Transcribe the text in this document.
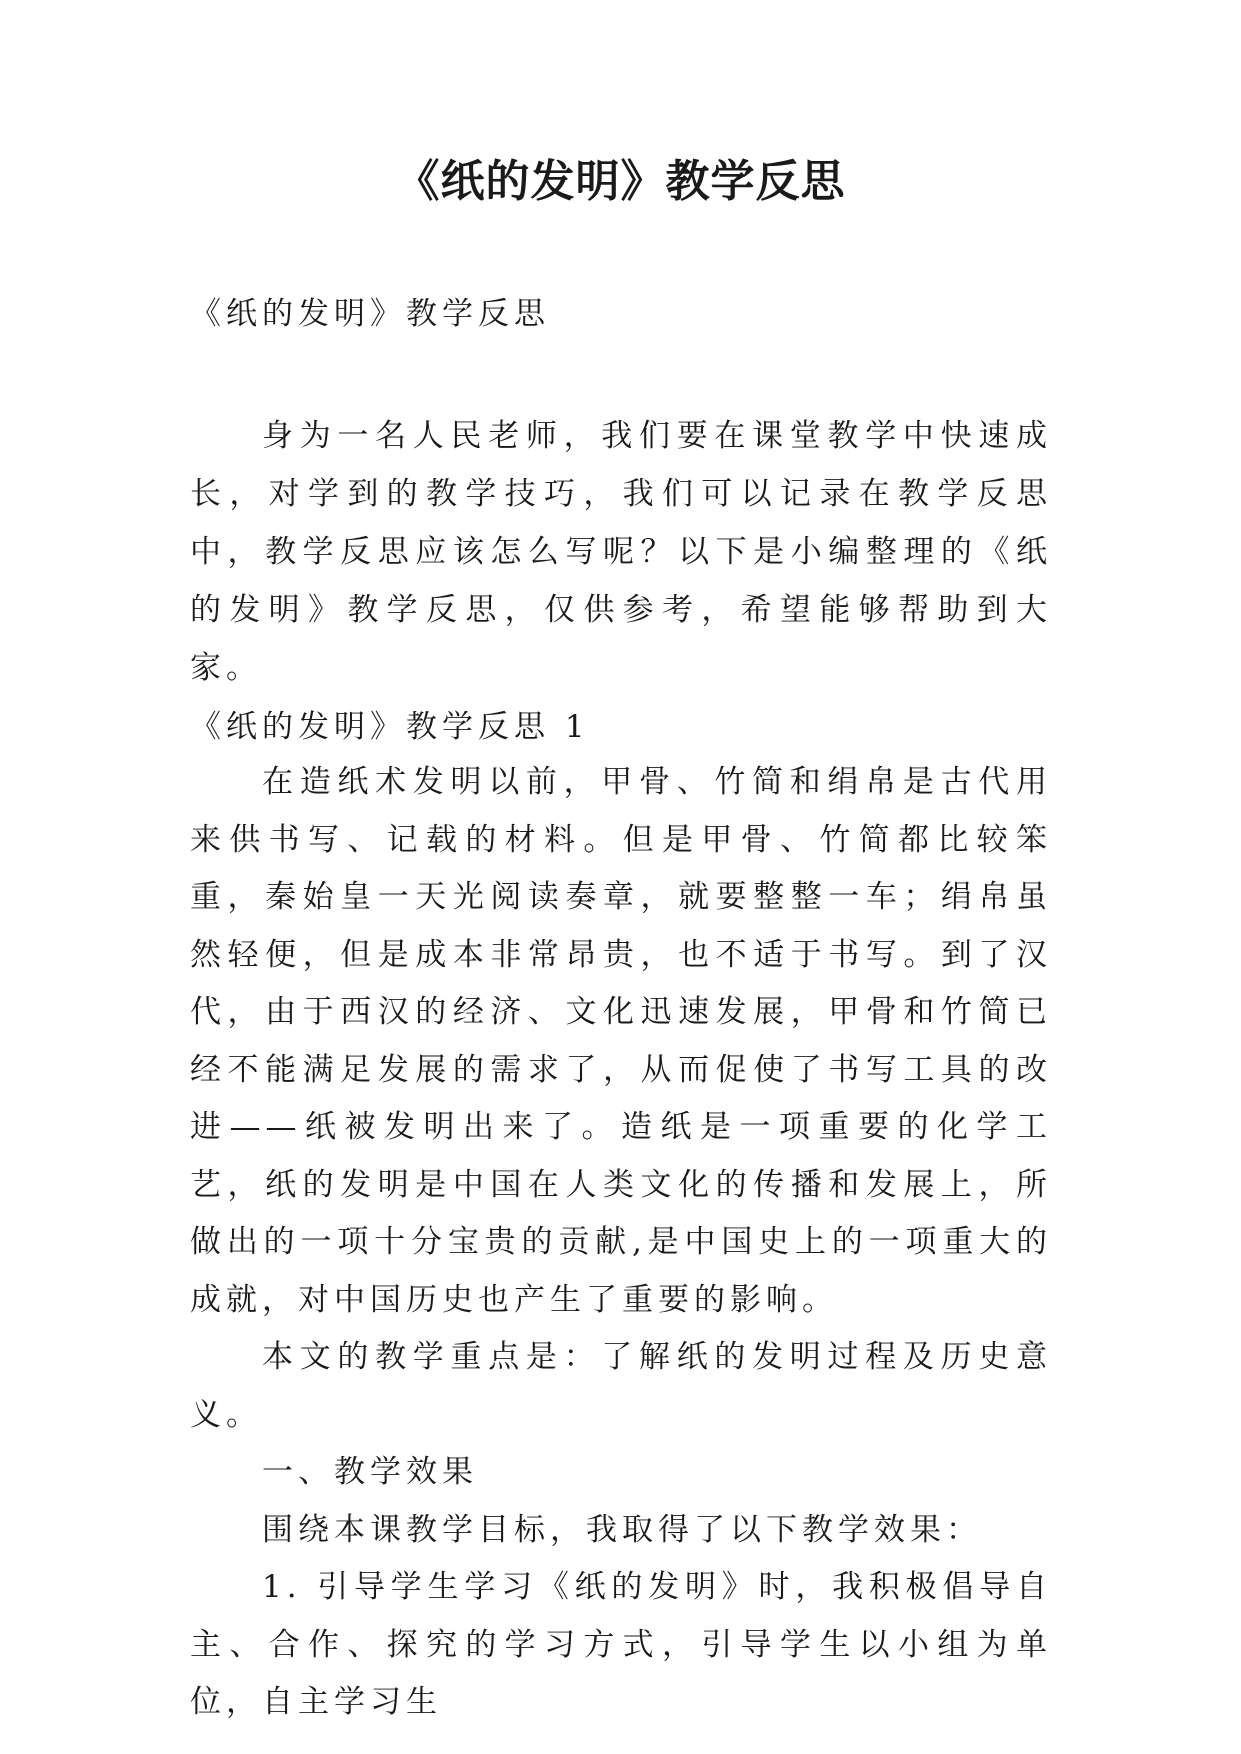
《纸的发明》教学反思

《纸的发明》教学反思

身为一名人民老师，我们要在课堂教学中快速成长，对学到的教学技巧，我们可以记录在教学反思中，教学反思应该怎么写呢？以下是小编整理的《纸的发明》教学反思，仅供参考，希望能够帮助到大家。

《纸的发明》教学反思 1

在造纸术发明以前，甲骨、竹简和绢帛是古代用来供书写、记载的材料。但是甲骨、竹简都比较笨重，秦始皇一天光阅读奏章，就要整整一车；绢帛虽然轻便，但是成本非常昂贵，也不适于书写。到了汉代，由于西汉的经济、文化迅速发展，甲骨和竹简已经不能满足发展的需求了，从而促使了书写工具的改进——纸被发明出来了。造纸是一项重要的化学工艺，纸的发明是中国在人类文化的传播和发展上，所做出的一项十分宝贵的贡献,是中国史上的一项重大的成就，对中国历史也产生了重要的影响。

本文的教学重点是：了解纸的发明过程及历史意义。

一、教学效果

围绕本课教学目标，我取得了以下教学效果：

1. 引导学生学习《纸的发明》时，我积极倡导自主、合作、探究的学习方式，引导学生以小组为单位，自主学习生
